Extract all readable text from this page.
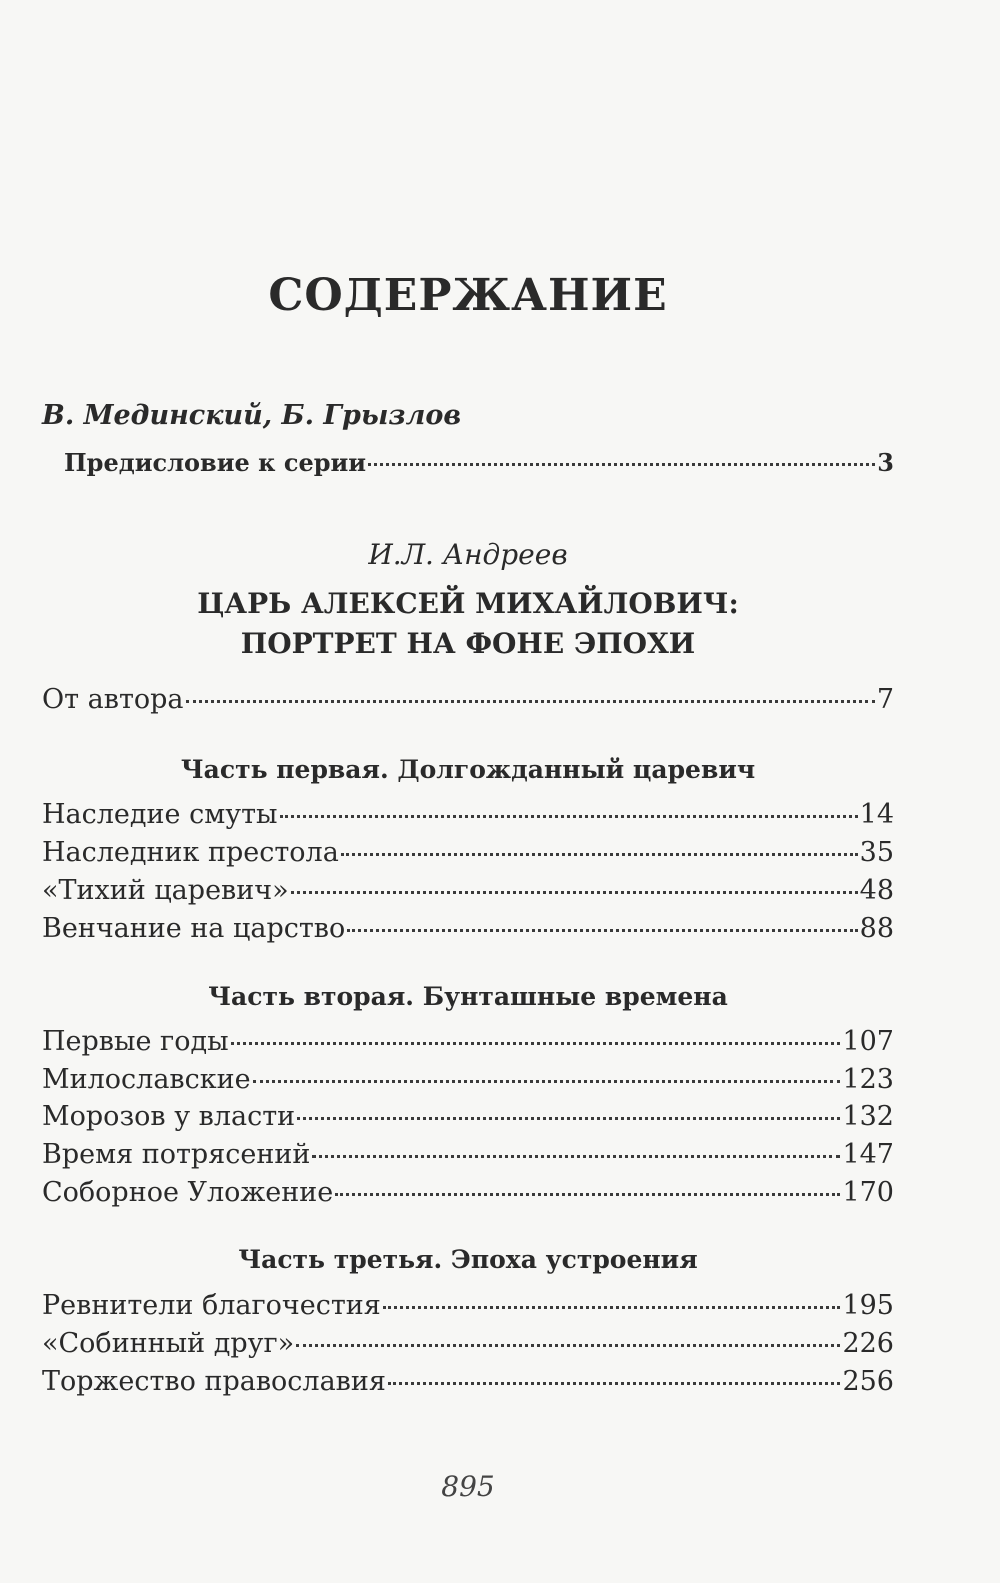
СОДЕРЖАНИЕ
В. Мединский, Б. Грызлов
Предисловие к серии	3
И.Л. Андреев
ЦАРЬ АЛЕКСЕЙ МИХАЙЛОВИЧ:
ПОРТРЕТ НА ФОНЕ ЭПОХИ
От автора	7
Часть первая. Долгожданный царевич
Наследие смуты	14
Наследник престола	35
«Тихий царевич»	48
Венчание на царство	88
Часть вторая. Бунташные времена
Первые годы	107
Милославские	123
Морозов у власти	132
Время потрясений	147
Соборное Уложение	170
Часть третья. Эпоха устроения
Ревнители благочестия	195
«Собинный друг»	226
Торжество православия	256
895
